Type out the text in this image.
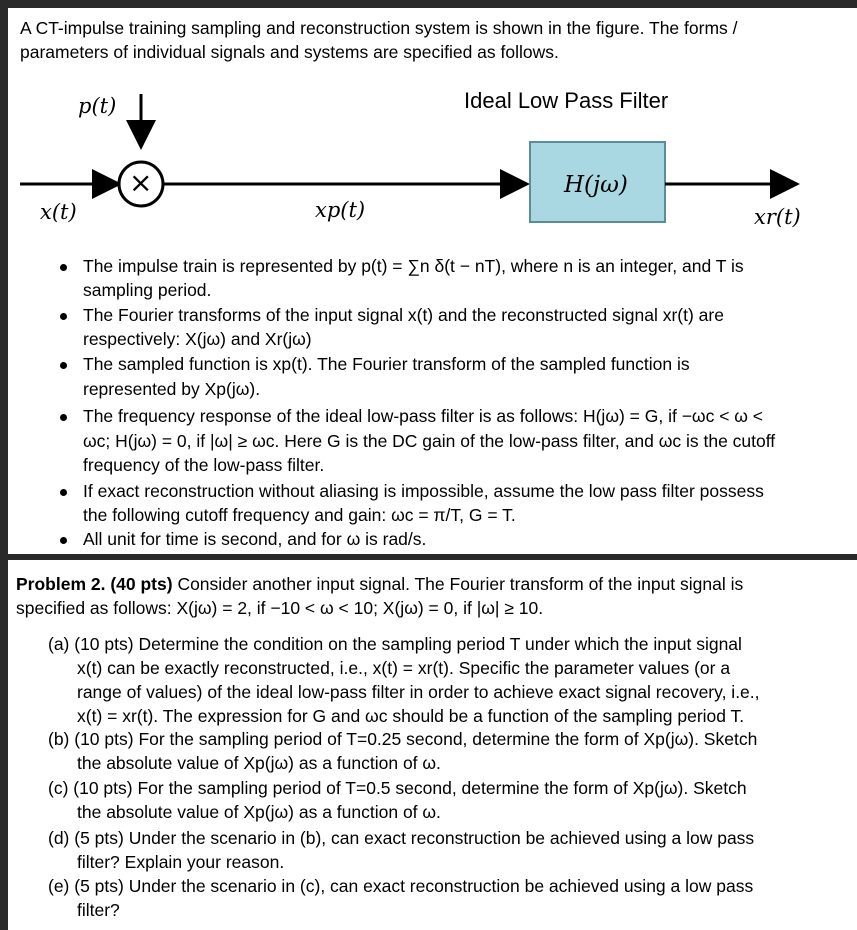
A CT-impulse training sampling and reconstruction system is shown in the figure. The forms /
parameters of individual signals and systems are specified as follows.
p(t)
×
x(t)	xp(t)
Ideal Low Pass Filter
H(jω)
xr(t)
The impulse train is represented by p(t) = ∑n δ(t − nT), where n is an integer, and T is
sampling period.
The Fourier transforms of the input signal x(t) and the reconstructed signal xr(t) are
respectively: X(jω) and Xr(jω)
The sampled function is xp(t). The Fourier transform of the sampled function is
represented by Xp(jω).
The frequency response of the ideal low-pass filter is as follows: H(jω) = G, if −ωc < ω <
ωc; H(jω) = 0, if |ω| ≥ ωc. Here G is the DC gain of the low-pass filter, and ωc is the cutoff
frequency of the low-pass filter.
If exact reconstruction without aliasing is impossible, assume the low pass filter possess
the following cutoff frequency and gain: ωc = π/T, G = T.
All unit for time is second, and for ω is rad/s.
Problem 2. (40 pts) Consider another input signal. The Fourier transform of the input signal is
specified as follows: X(jω) = 2, if −10 < ω < 10; X(jω) = 0, if |ω| ≥ 10.
(a) (10 pts) Determine the condition on the sampling period T under which the input signal
x(t) can be exactly reconstructed, i.e., x(t) = xr(t). Specific the parameter values (or a
range of values) of the ideal low-pass filter in order to achieve exact signal recovery, i.e.,
x(t) = xr(t). The expression for G and ωc should be a function of the sampling period T.
(b) (10 pts) For the sampling period of T=0.25 second, determine the form of Xp(jω). Sketch
the absolute value of Xp(jω) as a function of ω.
(c) (10 pts) For the sampling period of T=0.5 second, determine the form of Xp(jω). Sketch
the absolute value of Xp(jω) as a function of ω.
(d) (5 pts) Under the scenario in (b), can exact reconstruction be achieved using a low pass
filter? Explain your reason.
(e) (5 pts) Under the scenario in (c), can exact reconstruction be achieved using a low pass
filter?
